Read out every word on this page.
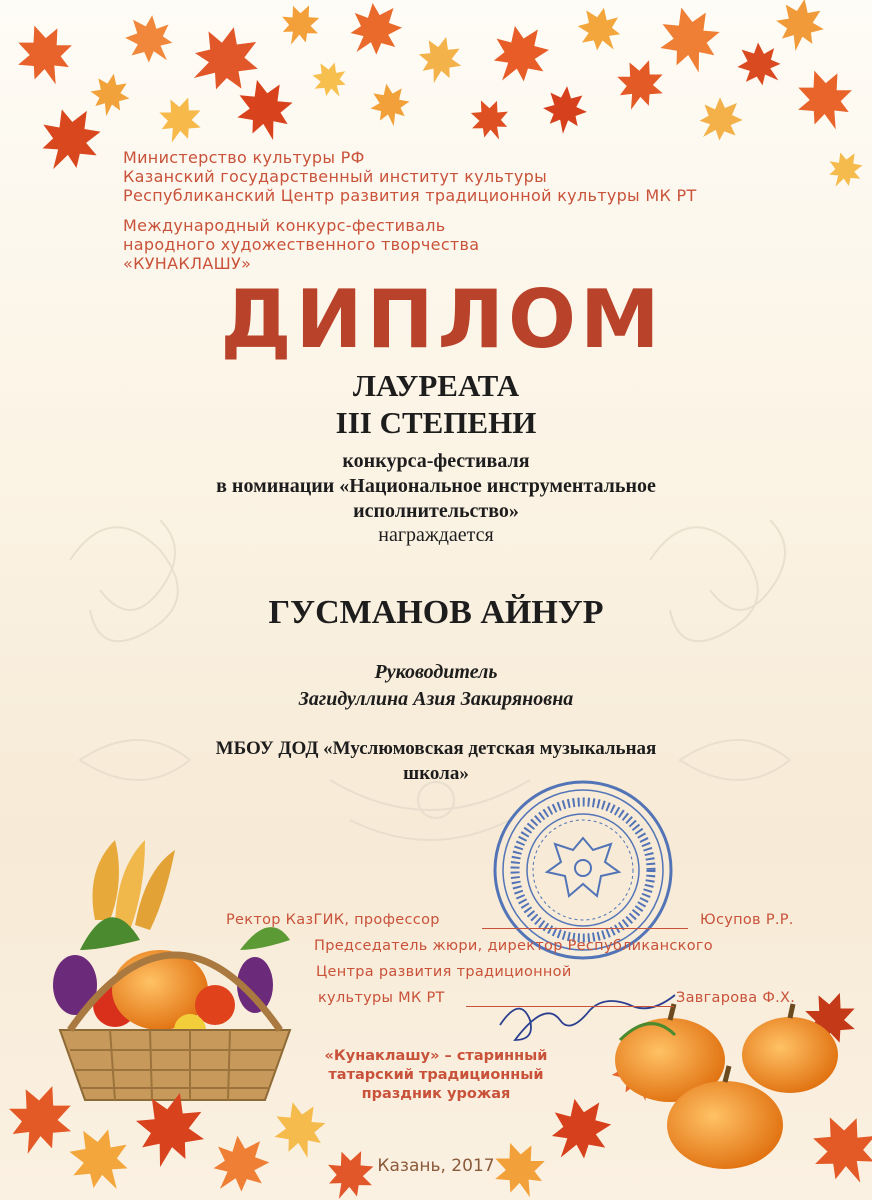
Министерство культуры РФ
Казанский государственный институт культуры
Республиканский Центр развития традиционной культуры МК РТ
Международный конкурс-фестиваль
народного художественного творчества
«КУНАКЛАШУ»
ДИПЛОМ
ЛАУРЕАТА
III СТЕПЕНИ
конкурса-фестиваля
в номинации «Национальное инструментальное
исполнительство»
награждается
ГУСМАНОВ АЙНУР
Руководитель
Загидуллина Азия Закиряновна
МБОУ ДОД «Муслюмовская детская музыкальная
школа»
Ректор КазГИК, профессор	Юсупов Р.Р.
Председатель жюри, директор Республиканского
Центра развития традиционной
культуры МК РТ	Завгарова Ф.Х.
«Кунаклашу» – старинный
татарский традиционный
праздник урожая
Казань, 2017
